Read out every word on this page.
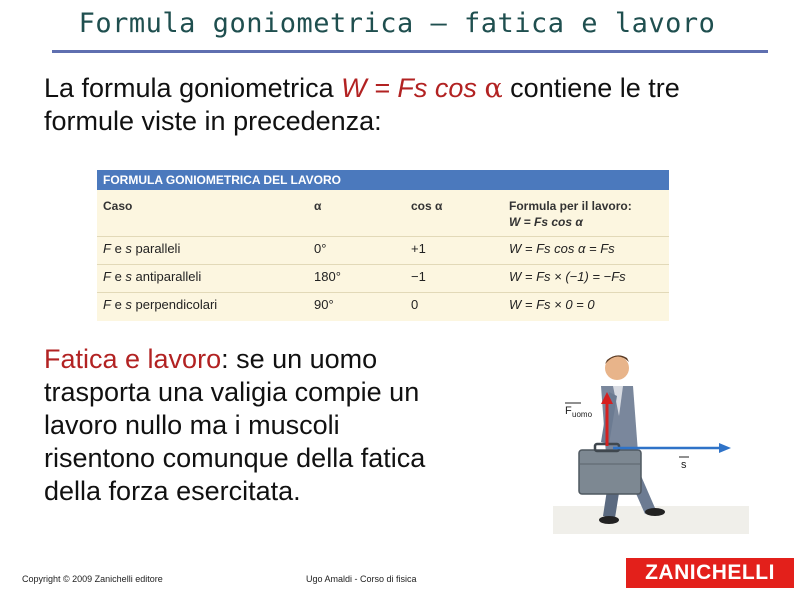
Formula goniometrica – fatica e lavoro
La formula goniometrica W = Fs cos α contiene le tre formule viste in precedenza:
FORMULA GONIOMETRICA DEL LAVORO
Caso	α	cos α	Formula per il lavoro:
W = Fs cos α
F e s paralleli	0°	+1	W = Fs cos α = Fs
F e s antiparalleli	180°	−1	W = Fs × (−1) = −Fs
F e s perpendicolari	90°	0	W = Fs × 0 = 0
Fatica e lavoro: se un uomo trasporta una valigia compie un lavoro nullo ma i muscoli risentono comunque della fatica della forza esercitata.
F uomo
s
Copyright © 2009 Zanichelli editore	Ugo Amaldi - Corso di fisica	ZANICHELLI
